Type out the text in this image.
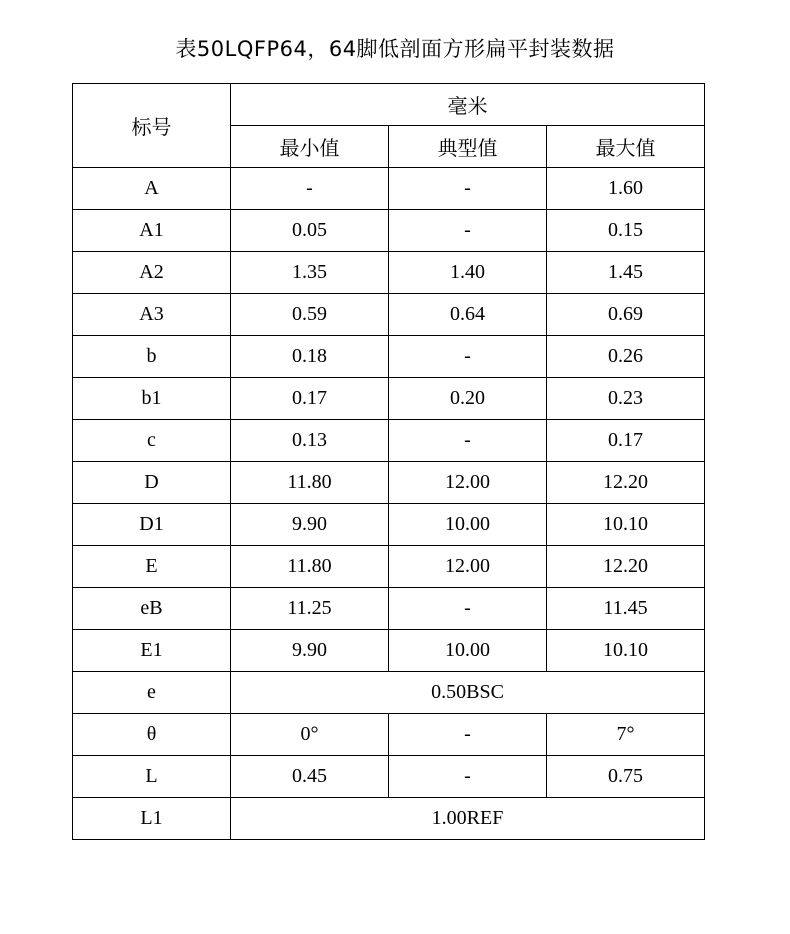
表50LQFP64，64脚低剖面方形扁平封装数据
标号	毫米		
	最小值	典型值	最大值
A	-	-	1.60
A1	0.05	-	0.15
A2	1.35	1.40	1.45
A3	0.59	0.64	0.69
b	0.18	-	0.26
b1	0.17	0.20	0.23
c	0.13	-	0.17
D	11.80	12.00	12.20
D1	9.90	10.00	10.10
E	11.80	12.00	12.20
eB	11.25	-	11.45
E1	9.90	10.00	10.10
e	0.50BSC		
θ	0°	-	7°
L	0.45	-	0.75
L1	1.00REF		
